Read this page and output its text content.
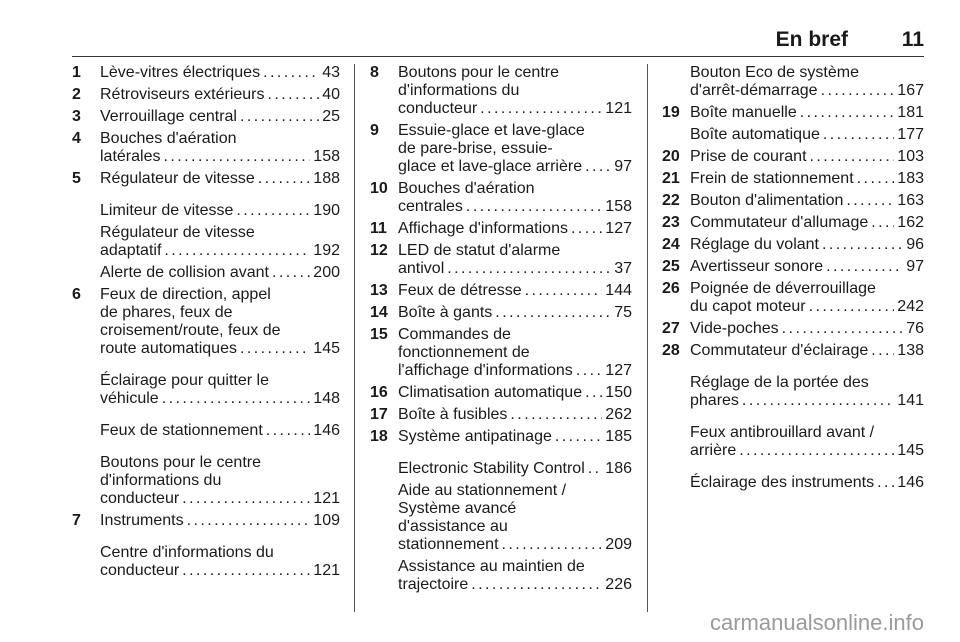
En bref	11
1 Lève-vitres électriques . . .	43
2 Rétroviseurs extérieurs . . .	40
3 Verrouillage central . . .	25
4 Bouches d'aération
latérales . . .	158
5 Régulateur de vitesse . . .	188
Limiteur de vitesse . . .	190
Régulateur de vitesse
adaptatif . . .	192
Alerte de collision avant . . .	200
6 Feux de direction, appel
de phares, feux de
croisement/route, feux de
route automatiques . . .	145
Éclairage pour quitter le
véhicule . . .	148
Feux de stationnement . . .	146
Boutons pour le centre
d'informations du
conducteur . . .	121
7 Instruments . . .	109
Centre d'informations du
conducteur . . .	121
8 Boutons pour le centre
d'informations du
conducteur . . .	121
9 Essuie-glace et lave-glace
de pare-brise, essuie-
glace et lave-glace arrière . . . 97
10 Bouches d'aération
centrales . . .	158
11 Affichage d'informations . . . 127
12 LED de statut d'alarme
antivol . . .	37
13 Feux de détresse . . .	144
14 Boîte à gants . . .	75
15 Commandes de
fonctionnement de
l'affichage d'informations . . . 127
16 Climatisation automatique . . . 150
17 Boîte à fusibles . . .	262
18 Système antipatinage . . .	185
Electronic Stability Control . . . 186
Aide au stationnement /
Système avancé
d'assistance au
stationnement . . .	209
Assistance au maintien de
trajectoire . . .	226
Bouton Eco de système
d'arrêt-démarrage . . .	167
19 Boîte manuelle . . .	181
Boîte automatique . . .	177
20 Prise de courant . . .	103
21 Frein de stationnement . . .	183
22 Bouton d'alimentation . . .	163
23 Commutateur d'allumage . . . 162
24 Réglage du volant . . .	96
25 Avertisseur sonore . . .	97
26 Poignée de déverrouillage
du capot moteur . . .	242
27 Vide-poches . . .	76
28 Commutateur d'éclairage . . . 138
Réglage de la portée des
phares . . .	141
Feux antibrouillard avant /
arrière . . .	145
Éclairage des instruments . . . 146
carmanualsonline.info
